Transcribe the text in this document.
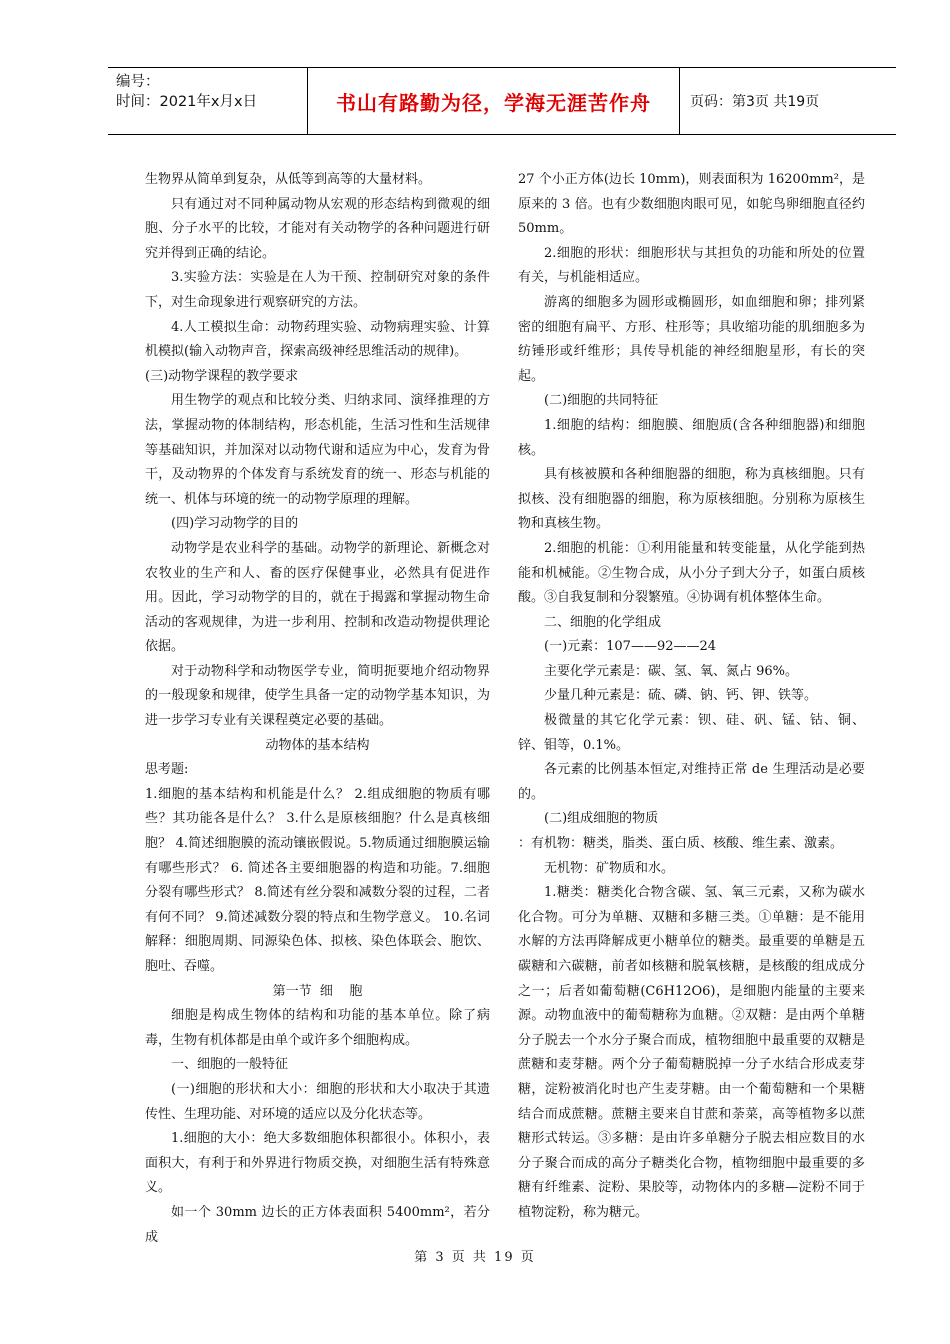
编号：
时间：2021年x月x日	书山有路勤为径，学海无涯苦作舟	页码：第3页 共19页

生物界从简单到复杂，从低等到高等的大量材料。

只有通过对不同种属动物从宏观的形态结构到微观的细胞、分子水平的比较，才能对有关动物学的各种问题进行研究并得到正确的结论。

3.实验方法：实验是在人为干预、控制研究对象的条件下，对生命现象进行观察研究的方法。

4.人工模拟生命：动物药理实验、动物病理实验、计算机模拟(输入动物声音，探索高级神经思维活动的规律)。

(三)动物学课程的教学要求

用生物学的观点和比较分类、归纳求同、演绎推理的方法，掌握动物的体制结构，形态机能，生活习性和生活规律等基础知识，并加深对以动物代谢和适应为中心，发育为骨干，及动物界的个体发育与系统发育的统一、形态与机能的统一、机体与环境的统一的动物学原理的理解。

(四)学习动物学的目的

动物学是农业科学的基础。动物学的新理论、新概念对农牧业的生产和人、畜的医疗保健事业，必然具有促进作用。因此，学习动物学的目的，就在于揭露和掌握动物生命活动的客观规律，为进一步利用、控制和改造动物提供理论依据。

对于动物科学和动物医学专业，简明扼要地介绍动物界的一般现象和规律，使学生具备一定的动物学基本知识，为进一步学习专业有关课程奠定必要的基础。

动物体的基本结构

思考题:

1.细胞的基本结构和机能是什么？ 2.组成细胞的物质有哪些？其功能各是什么？ 3.什么是原核细胞？什么是真核细胞？ 4.简述细胞膜的流动镶嵌假说。5.物质通过细胞膜运输有哪些形式？ 6. 简述各主要细胞器的构造和功能。7.细胞分裂有哪些形式？ 8.简述有丝分裂和减数分裂的过程，二者有何不同？ 9.简述减数分裂的特点和生物学意义。 10.名词解释：细胞周期、同源染色体、拟核、染色体联会、胞饮、胞吐、吞噬。

第一节  细    胞

细胞是构成生物体的结构和功能的基本单位。除了病毒，生物有机体都是由单个或许多个细胞构成。

一、细胞的一般特征

(一)细胞的形状和大小：细胞的形状和大小取决于其遗传性、生理功能、对环境的适应以及分化状态等。

1.细胞的大小：绝大多数细胞体积都很小。体积小，表面积大，有利于和外界进行物质交换，对细胞生活有特殊意义。

如一个 30mm 边长的正方体表面积 5400mm²，若分成

27 个小正方体(边长 10mm)，则表面积为 16200mm²，是原来的 3 倍。也有少数细胞肉眼可见，如鸵鸟卵细胞直径约 50mm。

2.细胞的形状：细胞形状与其担负的功能和所处的位置有关，与机能相适应。

游离的细胞多为圆形或椭圆形，如血细胞和卵；排列紧密的细胞有扁平、方形、柱形等；具收缩功能的肌细胞多为纺锤形或纤维形；具传导机能的神经细胞星形，有长的突起。

(二)细胞的共同特征

1.细胞的结构：细胞膜、细胞质(含各种细胞器)和细胞核。

具有核被膜和各种细胞器的细胞，称为真核细胞。只有拟核、没有细胞器的细胞，称为原核细胞。分别称为原核生物和真核生物。

2.细胞的机能：①利用能量和转变能量，从化学能到热能和机械能。②生物合成，从小分子到大分子，如蛋白质核酸。③自我复制和分裂繁殖。④协调有机体整体生命。

二、细胞的化学组成

(一)元素：107——92——24

主要化学元素是：碳、氢、氧、氮占 96%。

少量几种元素是：硫、磷、钠、钙、钾、铁等。

极微量的其它化学元素：钡、硅、矾、锰、钴、铜、锌、钼等，0.1%。

各元素的比例基本恒定,对维持正常 de 生理活动是必要的。

(二)组成细胞的物质

：有机物：糖类，脂类、蛋白质、核酸、维生素、激素。

无机物：矿物质和水。

1.糖类：糖类化合物含碳、氢、氧三元素，又称为碳水化合物。可分为单糖、双糖和多糖三类。①单糖：是不能用水解的方法再降解成更小糖单位的糖类。最重要的单糖是五碳糖和六碳糖，前者如核糖和脱氧核糖，是核酸的组成成分之一；后者如葡萄糖(C6H12O6)，是细胞内能量的主要来源。动物血液中的葡萄糖称为血糖。②双糖：是由两个单糖分子脱去一个水分子聚合而成，植物细胞中最重要的双糖是蔗糖和麦芽糖。两个分子葡萄糖脱掉一分子水结合形成麦芽糖，淀粉被消化时也产生麦芽糖。由一个葡萄糖和一个果糖结合而成蔗糖。蔗糖主要来自甘蔗和荼菜，高等植物多以蔗糖形式转运。③多糖：是由许多单糖分子脱去相应数目的水分子聚合而成的高分子糖类化合物，植物细胞中最重要的多糖有纤维素、淀粉、果胶等，动物体内的多糖—淀粉不同于植物淀粉，称为糖元。

第 3 页 共 19 页
